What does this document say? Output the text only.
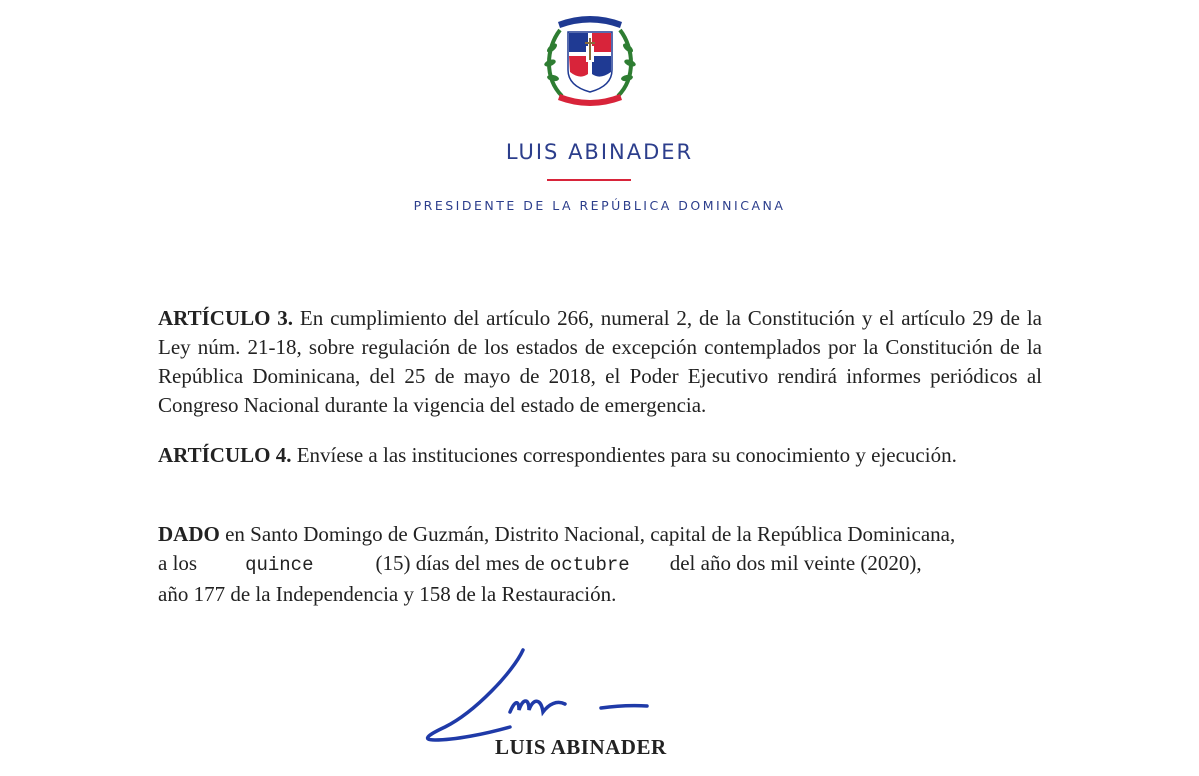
LUIS ABINADER
PRESIDENTE DE LA REPÚBLICA DOMINICANA
ARTÍCULO 3. En cumplimiento del artículo 266, numeral 2, de la Constitución y el artículo 29 de la Ley núm. 21-18, sobre regulación de los estados de excepción contemplados por la Constitución de la República Dominicana, del 25 de mayo de 2018, el Poder Ejecutivo rendirá informes periódicos al Congreso Nacional durante la vigencia del estado de emergencia.
ARTÍCULO 4. Envíese a las instituciones correspondientes para su conocimiento y ejecución.
DADO en Santo Domingo de Guzmán, Distrito Nacional, capital de la República Dominicana,
a los	quince	(15) días del mes de octubre del año dos mil veinte (2020),
año 177 de la Independencia y 158 de la Restauración.
LUIS ABINADER
